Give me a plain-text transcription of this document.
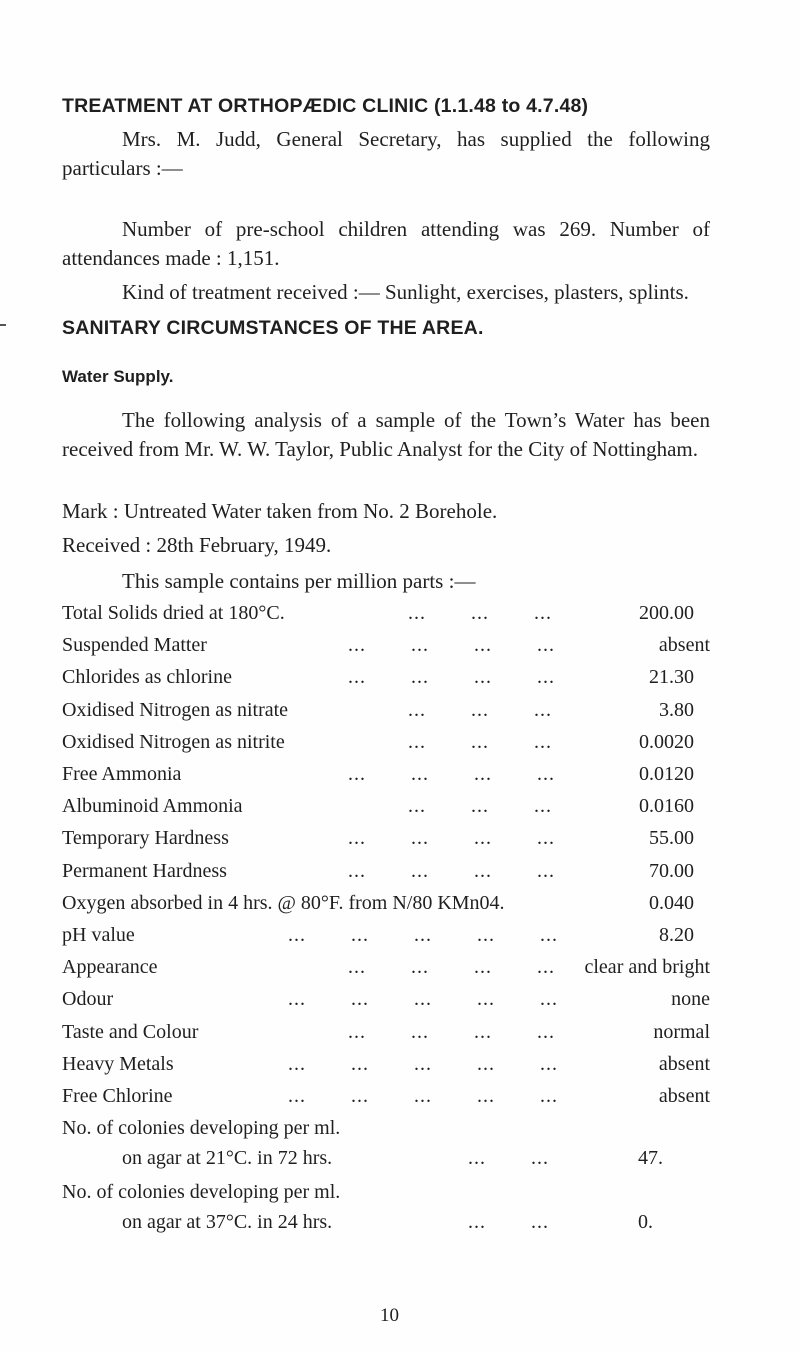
TREATMENT AT ORTHOPÆDIC CLINIC (1.1.48 to 4.7.48)
Mrs. M. Judd, General Secretary, has supplied the following particulars :—
Number of pre-school children attending was 269. Number of attendances made : 1,151.
Kind of treatment received :— Sunlight, exercises, plasters, splints.
SANITARY CIRCUMSTANCES OF THE AREA.
Water Supply.
The following analysis of a sample of the Town’s Water has been received from Mr. W. W. Taylor, Public Analyst for the City of Nottingham.
Mark : Untreated Water taken from No. 2 Borehole.
Received : 28th February, 1949.
This sample contains per million parts :—
Total Solids dried at 180°C.	... ... ...	200.00
Suspended Matter	... ... ... ...	absent
Chlorides as chlorine	... ... ... ...	21.30
Oxidised Nitrogen as nitrate	... ... ...	3.80
Oxidised Nitrogen as nitrite	... ... ...	0.0020
Free Ammonia	... ... ... ...	0.0120
Albuminoid Ammonia	... ... ...	0.0160
Temporary Hardness	... ... ... ...	55.00
Permanent Hardness	... ... ... ...	70.00
Oxygen absorbed in 4 hrs. @ 80°F. from N/80 KMn04.	0.040
pH value	... ... ... ... ...	8.20
Appearance	... ... ... ... clear and bright
Odour	... ... ... ... ...	none
Taste and Colour	... ... ... ...	normal
Heavy Metals	... ... ... ... ...	absent
Free Chlorine	... ... ... ... ...	absent
No. of colonies developing per ml.
on agar at 21°C. in 72 hrs.	... ...	47.
No. of colonies developing per ml.
on agar at 37°C. in 24 hrs.	... ...	0.
10
